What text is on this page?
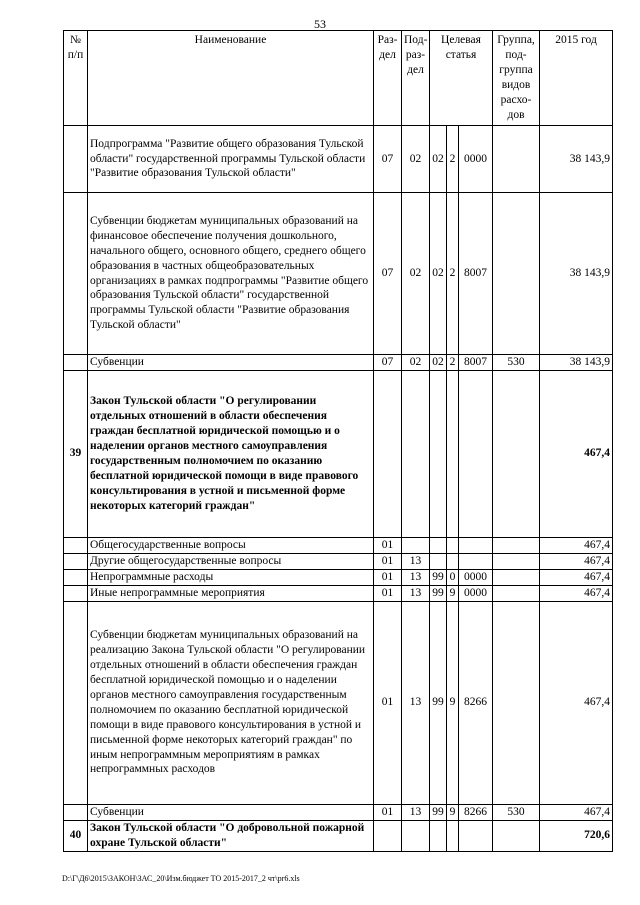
53
№ п/п	Наименование	Раз-дел	Под-раз-дел	Целевая статья			Группа, под-группа видов расхо-дов	2015 год
	Подпрограмма "Развитие общего образования Тульской области" государственной программы Тульской области "Развитие образования Тульской области"	07	02	02	2	0000		38 143,9
	Субвенции бюджетам муниципальных образований на финансовое обеспечение получения дошкольного, начального общего, основного общего, среднего общего образования в частных общеобразовательных организациях в рамках подпрограммы "Развитие общего образования Тульской области" государственной программы Тульской области "Развитие образования Тульской области"	07	02	02	2	8007		38 143,9
	Субвенции	07	02	02	2	8007	530	38 143,9
39	Закон Тульской области "О регулировании отдельных отношений в области обеспечения граждан бесплатной юридической помощью и о наделении органов местного самоуправления государственным полномочием по оказанию бесплатной юридической помощи в виде правового консультирования в устной и письменной форме некоторых категорий граждан"							467,4
	Общегосударственные вопросы	01						467,4
	Другие общегосударственные вопросы	01	13					467,4
	Непрограммные расходы	01	13	99	0	0000		467,4
	Иные непрограммные мероприятия	01	13	99	9	0000		467,4
	Субвенции бюджетам муниципальных образований на реализацию Закона Тульской области "О регулировании отдельных отношений в области обеспечения граждан бесплатной юридической помощью и о наделении органов местного самоуправления государственным полномочием по оказанию бесплатной юридической помощи в виде правового консультирования в устной и письменной форме некоторых категорий граждан" по иным непрограммным мероприятиям в рамках непрограммных расходов	01	13	99	9	8266		467,4
	Субвенции	01	13	99	9	8266	530	467,4
40	Закон Тульской области "О добровольной пожарной охране Тульской области"							720,6
D:\Г\Д6\2015\ЗАКОН\ЗАС_20\Изм.бюджет ТО 2015-2017_2 чт\pr6.xls
